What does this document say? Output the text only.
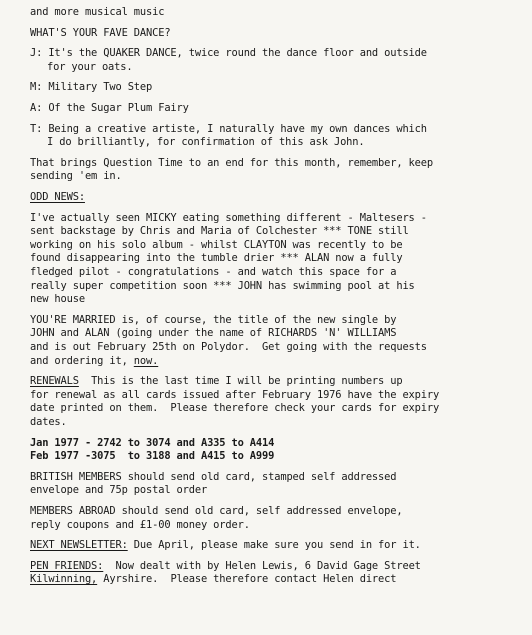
and more musical music
WHAT'S YOUR FAVE DANCE?
J: It's the QUAKER DANCE, twice round the dance floor and outside
for your oats.
M: Military Two Step
A: Of the Sugar Plum Fairy
T: Being a creative artiste, I naturally have my own dances which
I do brilliantly, for confirmation of this ask John.
That brings Question Time to an end for this month, remember, keep
sending 'em in.
ODD NEWS:
I've actually seen MICKY eating something different - Maltesers -
sent backstage by Chris and Maria of Colchester *** TONE still
working on his solo album - whilst CLAYTON was recently to be
found disappearing into the tumble drier *** ALAN now a fully
fledged pilot - congratulations - and watch this space for a
really super competition soon *** JOHN has swimming pool at his
new house
YOU'RE MARRIED is, of course, the title of the new single by
JOHN and ALAN (going under the name of RICHARDS 'N' WILLIAMS
and is out February 25th on Polydor.  Get going with the requests
and ordering it, now.
RENEWALS  This is the last time I will be printing numbers up
for renewal as all cards issued after February 1976 have the expiry
date printed on them.  Please therefore check your cards for expiry
dates.
Jan 1977 - 2742 to 3074 and A335 to A414
Feb 1977 -3075  to 3188 and A415 to A999
BRITISH MEMBERS should send old card, stamped self addressed
envelope and 75p postal order
MEMBERS ABROAD should send old card, self addressed envelope,
reply coupons and £1-00 money order.
NEXT NEWSLETTER: Due April, please make sure you send in for it.
PEN FRIENDS:  Now dealt with by Helen Lewis, 6 David Gage Street
Kilwinning, Ayrshire.  Please therefore contact Helen direct
